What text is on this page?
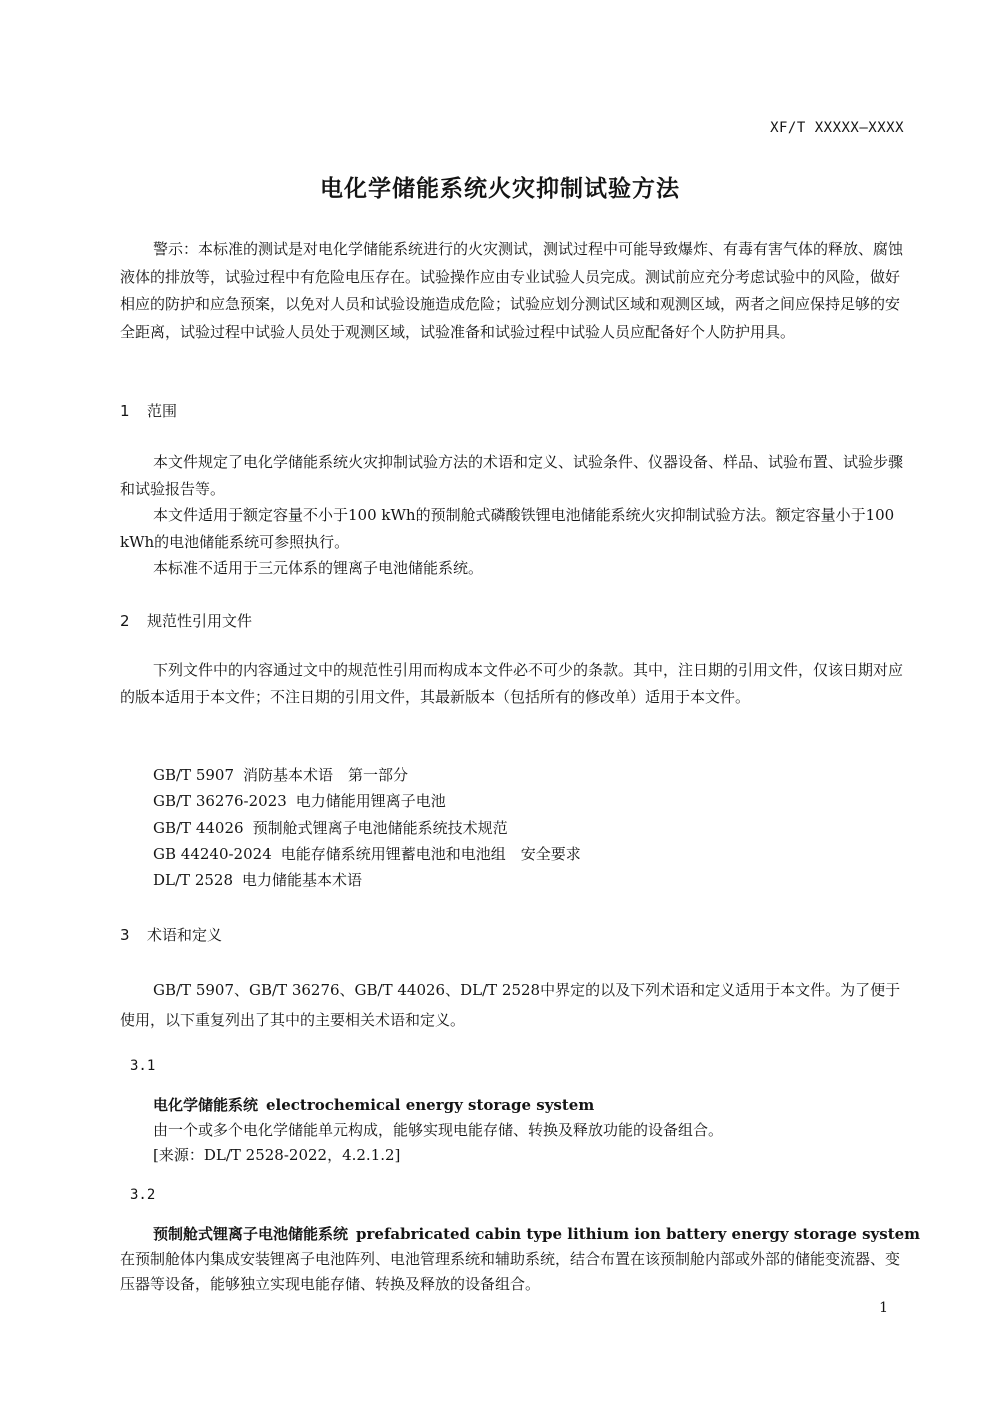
XF/T XXXXX—XXXX
电化学储能系统火灾抑制试验方法
警示：本标准的测试是对电化学储能系统进行的火灾测试，测试过程中可能导致爆炸、有毒有害气体的释放、腐蚀液体的排放等，试验过程中有危险电压存在。试验操作应由专业试验人员完成。测试前应充分考虑试验中的风险，做好相应的防护和应急预案，以免对人员和试验设施造成危险；试验应划分测试区域和观测区域，两者之间应保持足够的安全距离，试验过程中试验人员处于观测区域，试验准备和试验过程中试验人员应配备好个人防护用具。
1 范围
本文件规定了电化学储能系统火灾抑制试验方法的术语和定义、试验条件、仪器设备、样品、试验布置、试验步骤和试验报告等。
本文件适用于额定容量不小于100 kWh的预制舱式磷酸铁锂电池储能系统火灾抑制试验方法。额定容量小于100 kWh的电池储能系统可参照执行。
本标准不适用于三元体系的锂离子电池储能系统。
2 规范性引用文件
下列文件中的内容通过文中的规范性引用而构成本文件必不可少的条款。其中，注日期的引用文件，仅该日期对应的版本适用于本文件；不注日期的引用文件，其最新版本（包括所有的修改单）适用于本文件。
GB/T 5907 消防基本术语　第一部分
GB/T 36276-2023 电力储能用锂离子电池
GB/T 44026 预制舱式锂离子电池储能系统技术规范
GB 44240-2024 电能存储系统用锂蓄电池和电池组　安全要求
DL/T 2528 电力储能基本术语
3 术语和定义
GB/T 5907、GB/T 36276、GB/T 44026、DL/T 2528中界定的以及下列术语和定义适用于本文件。为了便于使用，以下重复列出了其中的主要相关术语和定义。
3.1
电化学储能系统 electrochemical energy storage system
由一个或多个电化学储能单元构成，能够实现电能存储、转换及释放功能的设备组合。
[来源：DL/T 2528-2022，4.2.1.2]
3.2
预制舱式锂离子电池储能系统 prefabricated cabin type lithium ion battery energy storage system
在预制舱体内集成安装锂离子电池阵列、电池管理系统和辅助系统，结合布置在该预制舱内部或外部的储能变流器、变压器等设备，能够独立实现电能存储、转换及释放的设备组合。
1
